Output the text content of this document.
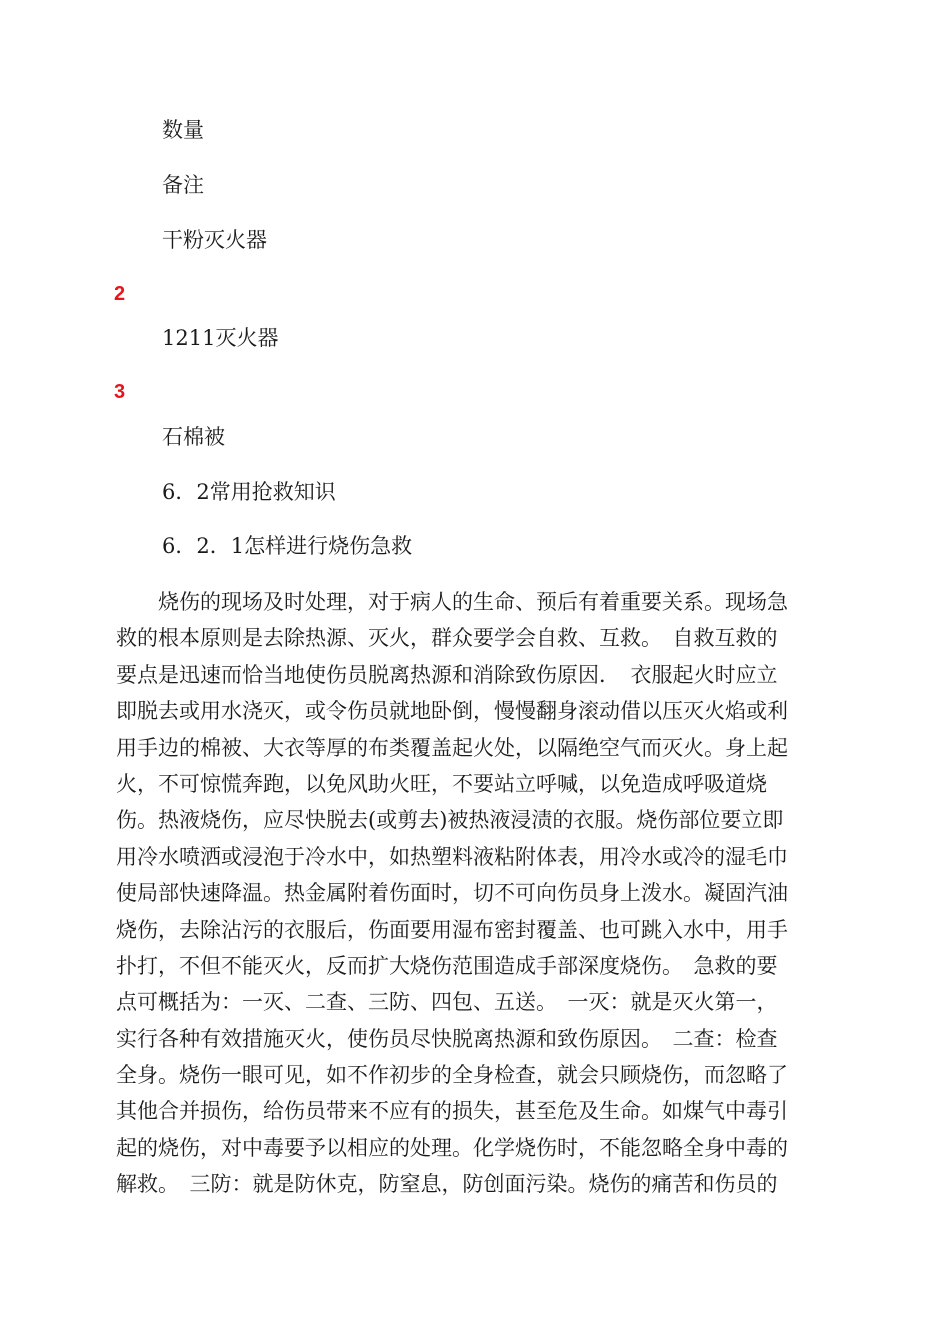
数量
备注
干粉灭火器
2
1211灭火器
3
石棉被
6．2常用抢救知识
6．2．1怎样进行烧伤急救
　　烧伤的现场及时处理，对于病人的生命、预后有着重要关系。现场急
救的根本原则是去除热源、灭火，群众要学会自救、互救。　自救互救的
要点是迅速而恰当地使伤员脱离热源和消除致伤原因．　衣服起火时应立
即脱去或用水浇灭，或令伤员就地卧倒，慢慢翻身滚动借以压灭火焰或利
用手边的棉被、大衣等厚的布类覆盖起火处，以隔绝空气而灭火。身上起
火，不可惊慌奔跑，以免风助火旺，不要站立呼喊，以免造成呼吸道烧
伤。热液烧伤，应尽快脱去(或剪去)被热液浸渍的衣服。烧伤部位要立即
用冷水喷洒或浸泡于冷水中，如热塑料液粘附体表，用冷水或冷的湿毛巾
使局部快速降温。热金属附着伤面时，切不可向伤员身上泼水。凝固汽油
烧伤，去除沾污的衣服后，伤面要用湿布密封覆盖、也可跳入水中，用手
扑打，不但不能灭火，反而扩大烧伤范围造成手部深度烧伤。　急救的要
点可概括为：一灭、二查、三防、四包、五送。　一灭：就是灭火第一，
实行各种有效措施灭火，使伤员尽快脱离热源和致伤原因。　二查：检查
全身。烧伤一眼可见，如不作初步的全身检查，就会只顾烧伤，而忽略了
其他合并损伤，给伤员带来不应有的损失，甚至危及生命。如煤气中毒引
起的烧伤，对中毒要予以相应的处理。化学烧伤时，不能忽略全身中毒的
解救。　三防：就是防休克，防窒息，防创面污染。烧伤的痛苦和伤员的
